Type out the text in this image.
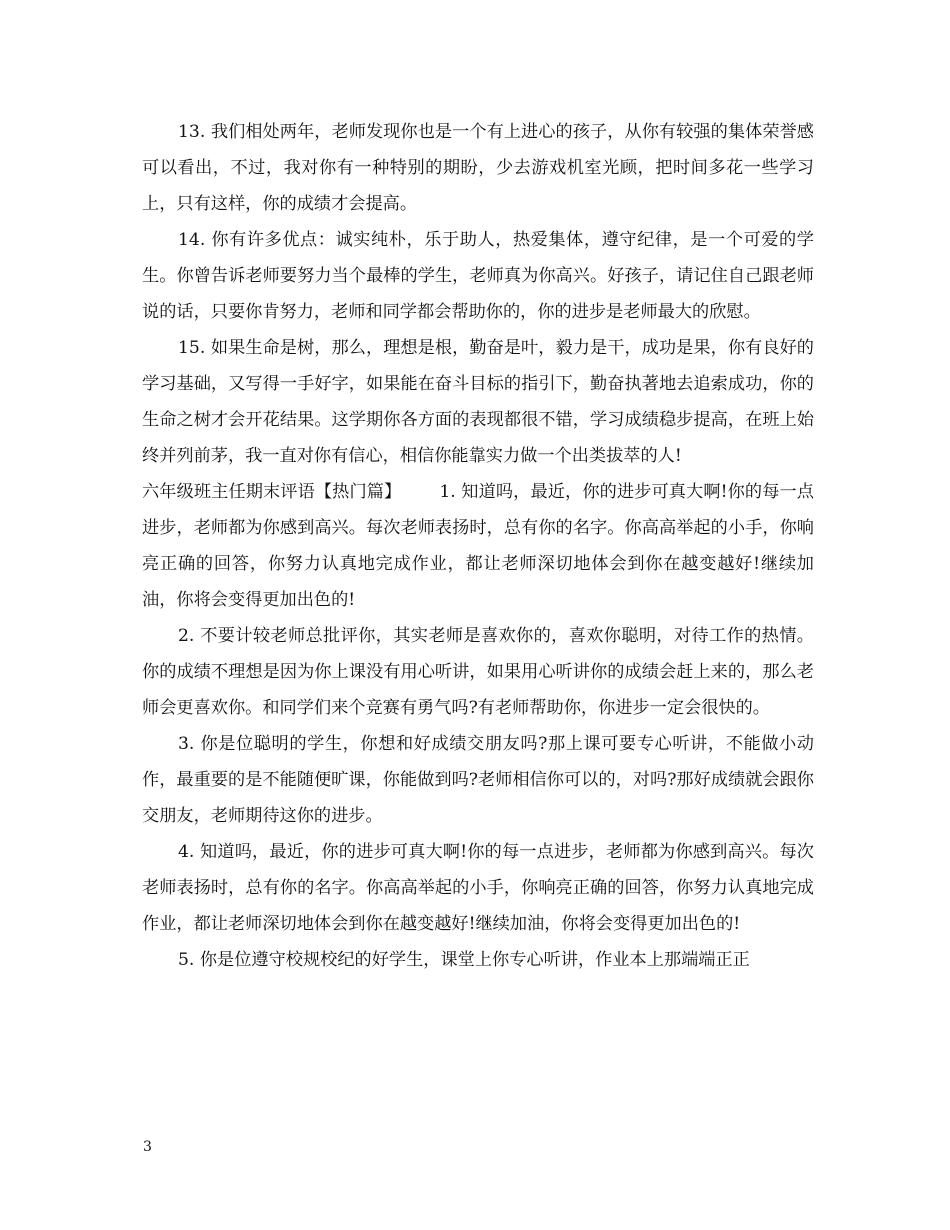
13. 我们相处两年，老师发现你也是一个有上进心的孩子，从你有较强的集体荣誉感可以看出，不过，我对你有一种特别的期盼，少去游戏机室光顾，把时间多花一些学习上，只有这样，你的成绩才会提高。

14. 你有许多优点：诚实纯朴，乐于助人，热爱集体，遵守纪律，是一个可爱的学生。你曾告诉老师要努力当个最棒的学生，老师真为你高兴。好孩子，请记住自己跟老师说的话，只要你肯努力，老师和同学都会帮助你的，你的进步是老师最大的欣慰。

15. 如果生命是树，那么，理想是根，勤奋是叶，毅力是干，成功是果，你有良好的学习基础，又写得一手好字，如果能在奋斗目标的指引下，勤奋执著地去追索成功，你的生命之树才会开花结果。这学期你各方面的表现都很不错，学习成绩稳步提高，在班上始终并列前茅，我一直对你有信心，相信你能靠实力做一个出类拔萃的人!

六年级班主任期末评语【热门篇】 1. 知道吗，最近，你的进步可真大啊!你的每一点进步，老师都为你感到高兴。每次老师表扬时，总有你的名字。你高高举起的小手，你响亮正确的回答，你努力认真地完成作业，都让老师深切地体会到你在越变越好!继续加油，你将会变得更加出色的!

2. 不要计较老师总批评你，其实老师是喜欢你的，喜欢你聪明，对待工作的热情。你的成绩不理想是因为你上课没有用心听讲，如果用心听讲你的成绩会赶上来的，那么老师会更喜欢你。和同学们来个竞赛有勇气吗?有老师帮助你，你进步一定会很快的。

3. 你是位聪明的学生，你想和好成绩交朋友吗?那上课可要专心听讲，不能做小动作，最重要的是不能随便旷课，你能做到吗?老师相信你可以的，对吗?那好成绩就会跟你交朋友，老师期待这你的进步。

4. 知道吗，最近，你的进步可真大啊!你的每一点进步，老师都为你感到高兴。每次老师表扬时，总有你的名字。你高高举起的小手，你响亮正确的回答，你努力认真地完成作业，都让老师深切地体会到你在越变越好!继续加油，你将会变得更加出色的!

5. 你是位遵守校规校纪的好学生，课堂上你专心听讲，作业本上那端端正正

3
